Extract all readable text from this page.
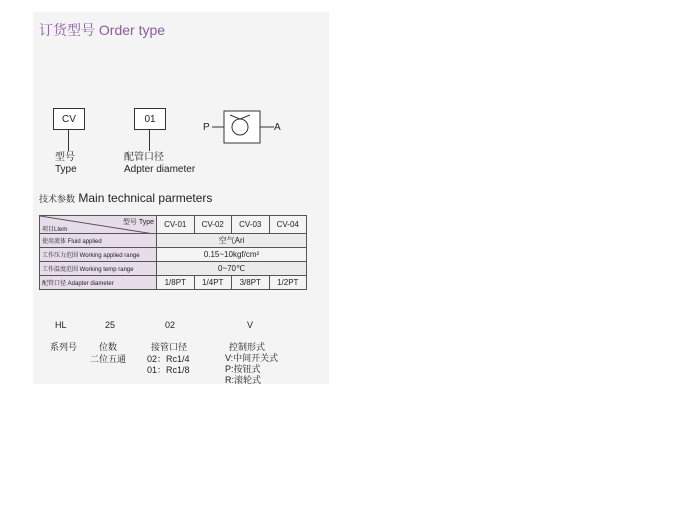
订货型号 Order type
CV
型号
Type
01
配管口径
Adpter diameter
P	A
技术参数 Main technical parmeters
型号 Type
项目Ltem	CV-01	CV-02	CV-03	CV-04
使用流体 Fluid applied	空气Ari			
工作压力范围 Working applied range	0.15~10kgf/cm²			
工作温度范围 Working temp range	0~70℃			
配管口径 Adapter diameter	1/8PT	1/4PT	3/8PT	1/2PT
HL	25	02	V
系列号 位数	接管口径	控制形式
二位五通 02：Rc1/4
01：Rc1/8
V:中间开关式
P:按钮式
R:滚轮式
